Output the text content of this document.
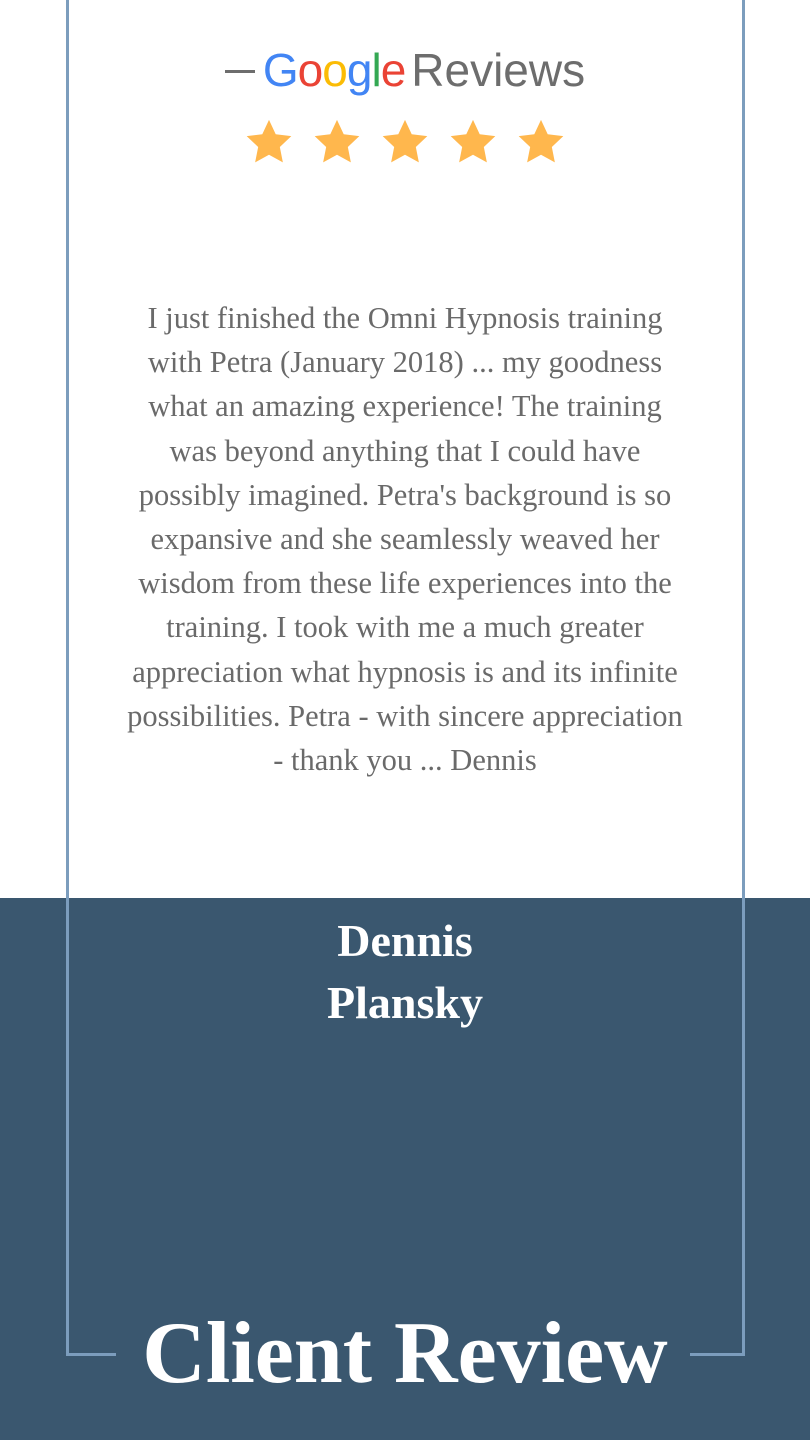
Google Reviews
I just finished the Omni Hypnosis training
with Petra (January 2018) ... my goodness
what an amazing experience! The training
was beyond anything that I could have
possibly imagined. Petra's background is so
expansive and she seamlessly weaved her
wisdom from these life experiences into the
training. I took with me a much greater
appreciation what hypnosis is and its infinite
possibilities. Petra - with sincere appreciation
- thank you ... Dennis
Dennis
Plansky
Client Review
